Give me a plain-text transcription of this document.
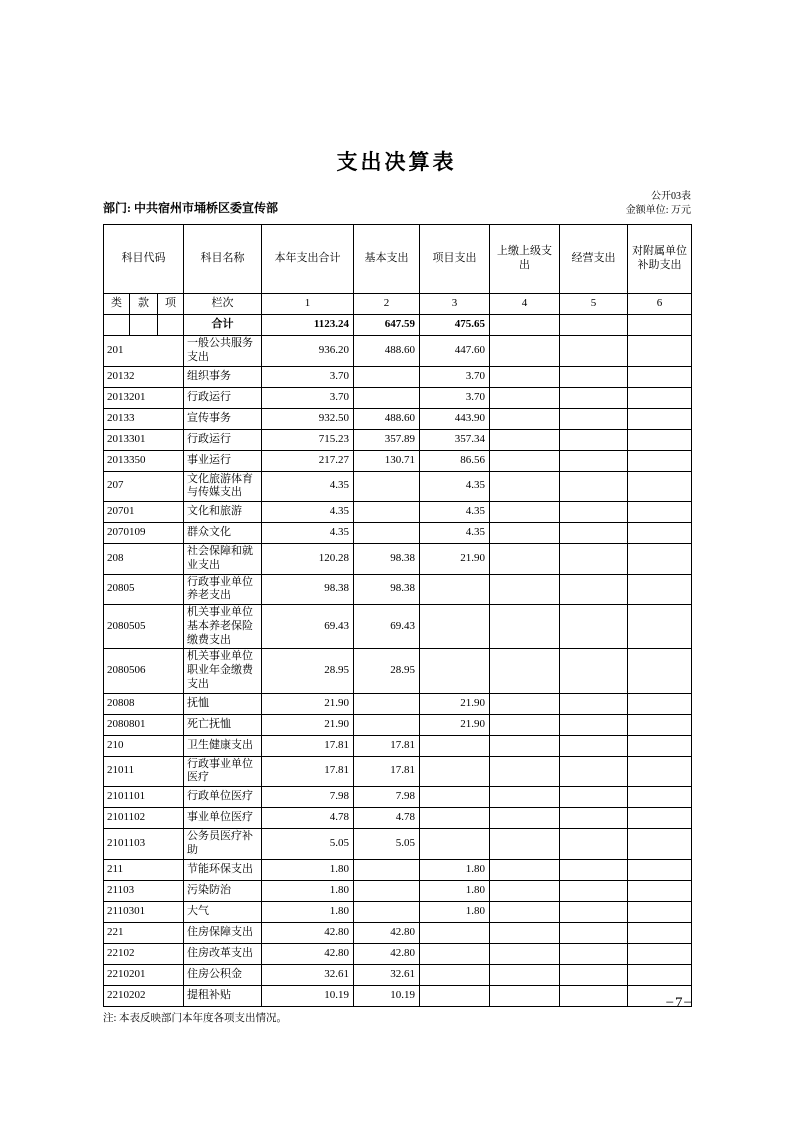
支出决算表
公开03表
部门: 中共宿州市埇桥区委宣传部	金额单位: 万元
科目代码			科目名称	本年支出合计	基本支出	项目支出	上缴上级支出	经营支出	对附属单位补助支出
类	款	项	栏次	1	2	3	4	5	6
			合计	1123.24	647.59	475.65			
201			一般公共服务支出	936.20	488.60	447.60			
20132			组织事务	3.70		3.70			
2013201			行政运行	3.70		3.70			
20133			宣传事务	932.50	488.60	443.90			
2013301			行政运行	715.23	357.89	357.34			
2013350			事业运行	217.27	130.71	86.56			
207			文化旅游体育与传媒支出	4.35		4.35			
20701			文化和旅游	4.35		4.35			
2070109			群众文化	4.35		4.35			
208			社会保障和就业支出	120.28	98.38	21.90			
20805			行政事业单位养老支出	98.38	98.38				
2080505			机关事业单位基本养老保险缴费支出	69.43	69.43				
2080506			机关事业单位职业年金缴费支出	28.95	28.95				
20808			抚恤	21.90		21.90			
2080801			死亡抚恤	21.90		21.90			
210			卫生健康支出	17.81	17.81				
21011			行政事业单位医疗	17.81	17.81				
2101101			行政单位医疗	7.98	7.98				
2101102			事业单位医疗	4.78	4.78				
2101103			公务员医疗补助	5.05	5.05				
211			节能环保支出	1.80		1.80			
21103			污染防治	1.80		1.80			
2110301			大气	1.80		1.80			
221			住房保障支出	42.80	42.80				
22102			住房改革支出	42.80	42.80				
2210201			住房公积金	32.61	32.61				
2210202			提租补贴	10.19	10.19				
注: 本表反映部门本年度各项支出情况。
−7−
